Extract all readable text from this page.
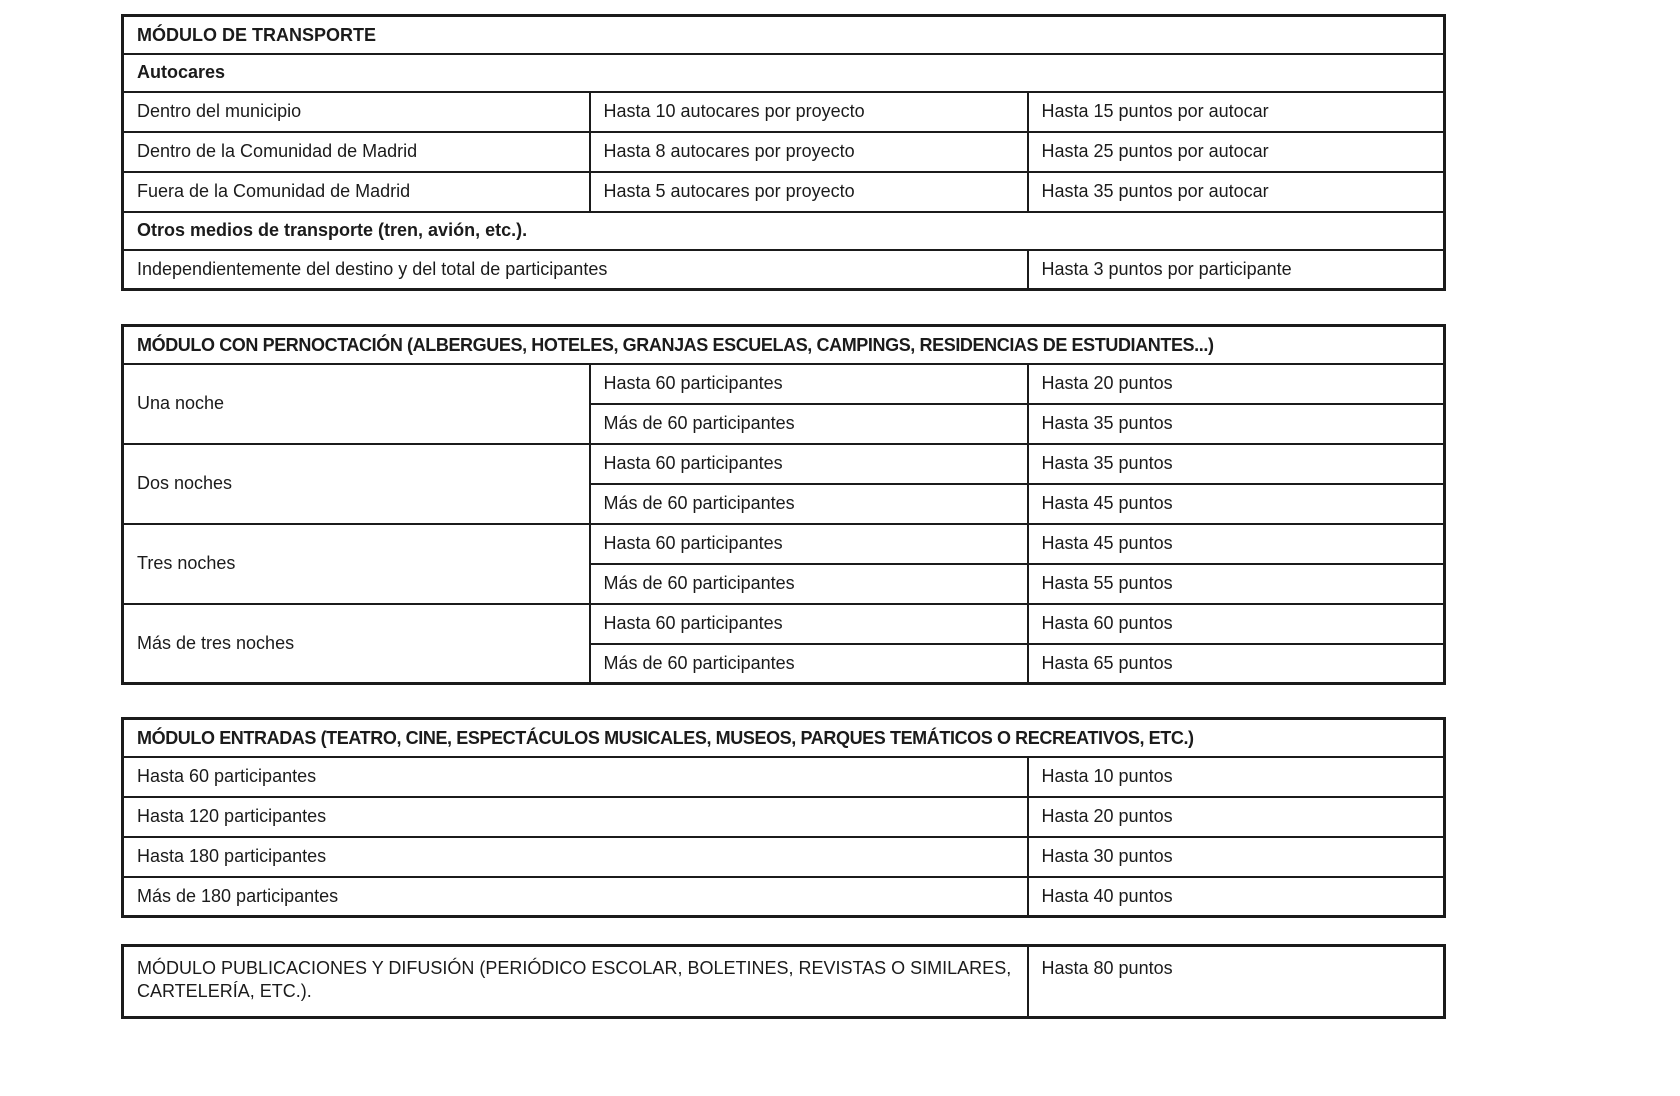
MÓDULO DE TRANSPORTE		
Autocares		
Dentro del municipio	Hasta 10 autocares por proyecto	Hasta 15 puntos por autocar
Dentro de la Comunidad de Madrid	Hasta 8 autocares por proyecto	Hasta 25 puntos por autocar
Fuera de la Comunidad de Madrid	Hasta 5 autocares por proyecto	Hasta 35 puntos por autocar
Otros medios de transporte (tren, avión, etc.).		
Independientemente del destino y del total de participantes		Hasta 3 puntos por participante
MÓDULO CON PERNOCTACIÓN (ALBERGUES, HOTELES, GRANJAS ESCUELAS, CAMPINGS, RESIDENCIAS DE ESTUDIANTES...)		
Una noche	Hasta 60 participantes	Hasta 20 puntos
	Más de 60 participantes	Hasta 35 puntos
Dos noches	Hasta 60 participantes	Hasta 35 puntos
	Más de 60 participantes	Hasta 45 puntos
Tres noches	Hasta 60 participantes	Hasta 45 puntos
	Más de 60 participantes	Hasta 55 puntos
Más de tres noches	Hasta 60 participantes	Hasta 60 puntos
	Más de 60 participantes	Hasta 65 puntos
MÓDULO ENTRADAS (TEATRO, CINE, ESPECTÁCULOS MUSICALES, MUSEOS, PARQUES TEMÁTICOS O RECREATIVOS, ETC.)	
Hasta 60 participantes	Hasta 10 puntos
Hasta 120 participantes	Hasta 20 puntos
Hasta 180 participantes	Hasta 30 puntos
Más de 180 participantes	Hasta 40 puntos
MÓDULO PUBLICACIONES Y DIFUSIÓN (PERIÓDICO ESCOLAR, BOLETINES, REVISTAS O SIMILARES, CARTELERÍA, ETC.).	Hasta 80 puntos
